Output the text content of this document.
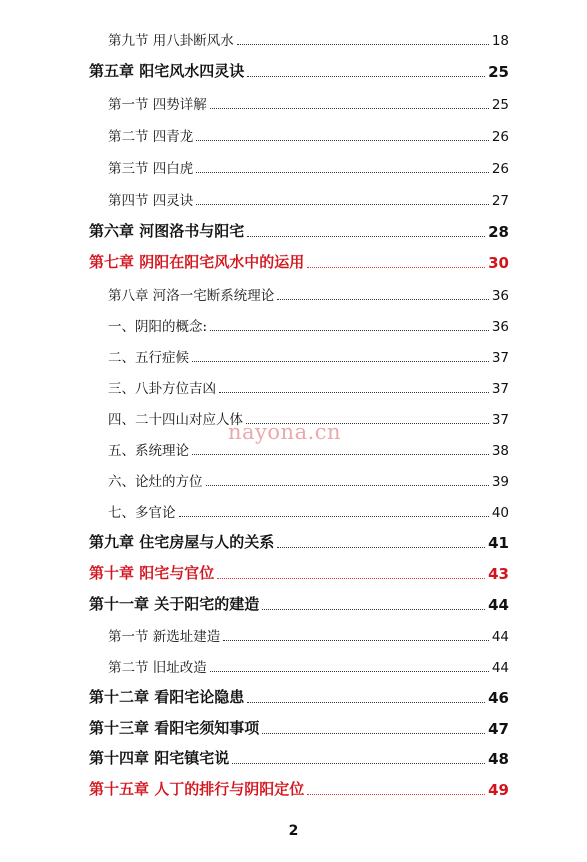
第九节 用八卦断风水	18
第五章 阳宅风水四灵诀	25
第一节 四势详解	25
第二节 四青龙	26
第三节 四白虎	26
第四节 四灵诀	27
第六章 河图洛书与阳宅	28
第七章 阴阳在阳宅风水中的运用	30
第八章 河洛一宅断系统理论	36
一、阴阳的概念:	36
二、五行症候	37
三、八卦方位吉凶	37
四、二十四山对应人体	37
五、系统理论	38
六、论灶的方位	39
七、多官论	40
第九章 住宅房屋与人的关系	41
第十章 阳宅与官位	43
第十一章 关于阳宅的建造	44
第一节 新选址建造	44
第二节 旧址改造	44
第十二章 看阳宅论隐患	46
第十三章 看阳宅须知事项	47
第十四章 阳宅镇宅说	48
第十五章 人丁的排行与阴阳定位	49
nayona.cn
2
